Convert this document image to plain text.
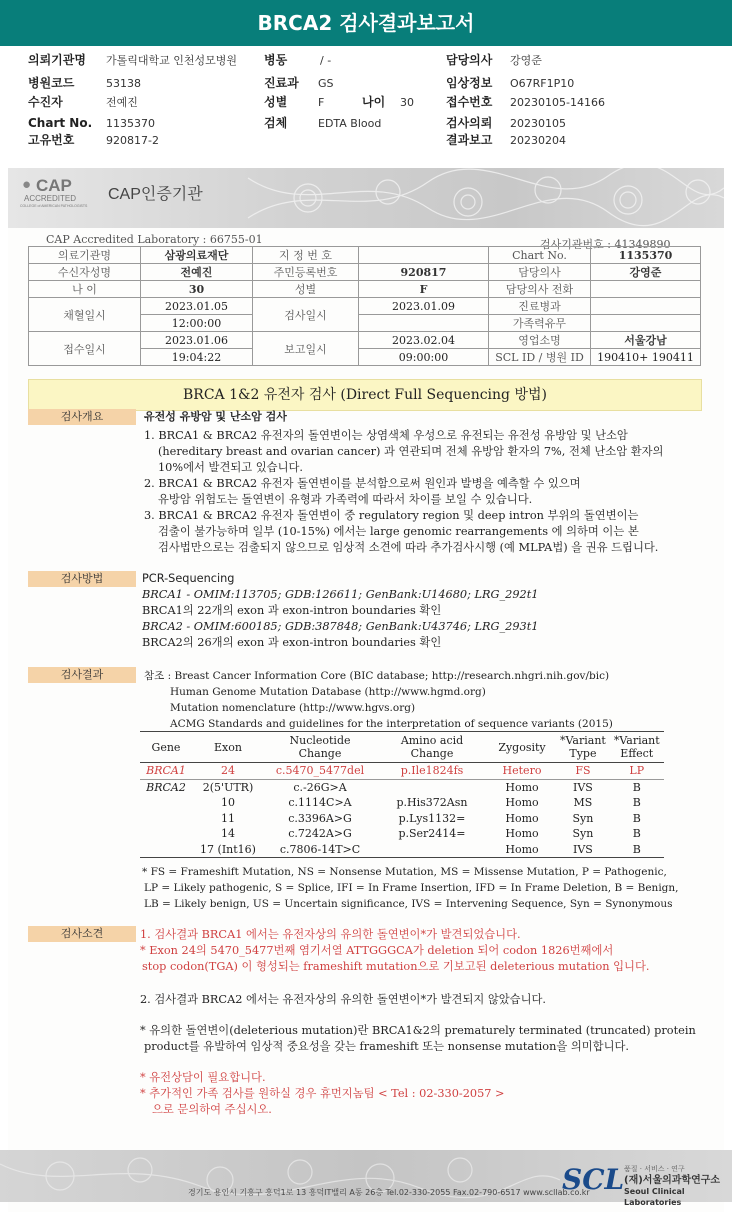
BRCA2 검사결과보고서
의뢰기관명 가톨릭대학교 인천성모병원 병동	/ -	담당의사 강영준
병원코드	53138	진료과 GS	임상정보 O67RF1P10
수진자	전예진	성별	F	나이 30	접수번호 20230105-14166
Chart No. 1135370	검체	EDTA Blood	검사의뢰 20230105
고유번호	920817-2	결과보고 20230204
● CAP
ACCREDITED
COLLEGE of AMERICAN PATHOLOGISTS
CAP인증기관
CAP Accredited Laboratory : 66755-01	검사기관번호 : 41349890
의료기관명	삼광의료재단	지 정 번 호		Chart No.	1135370
수신자성명	전예진	주민등록번호	920817	담당의사	강영준
나 이	30	성별	F	담당의사 전화	
채혈일시	2023.01.05	검사일시	2023.01.09	진료병과	
	12:00:00			가족력유무	
접수일시	2023.01.06	보고일시	2023.02.04	영업소명	서울강남
	19:04:22		09:00:00	SCL ID / 병원 ID	190410+ 190411
BRCA 1&2 유전자 검사 (Direct Full Sequencing 방법)
검사개요	유전성 유방암 및 난소암 검사
1. BRCA1 & BRCA2 유전자의 돌연변이는 상염색체 우성으로 유전되는 유전성 유방암 및 난소암
(hereditary breast and ovarian cancer) 과 연관되며 전체 유방암 환자의 7%, 전체 난소암 환자의
10%에서 발견되고 있습니다.
2. BRCA1 & BRCA2 유전자 돌연변이를 분석함으로써 원인과 발병을 예측할 수 있으며
유방암 위험도는 돌연변이 유형과 가족력에 따라서 차이를 보일 수 있습니다.
3. BRCA1 & BRCA2 유전자 돌연변이 중 regulatory region 및 deep intron 부위의 돌연변이는
검출이 불가능하며 일부 (10-15%) 에서는 large genomic rearrangements 에 의하며 이는 본
검사법만으로는 검출되지 않으므로 임상적 소견에 따라 추가검사시행 (예 MLPA법) 을 권유 드립니다.
검사방법	PCR-Sequencing
BRCA1 - OMIM:113705; GDB:126611; GenBank:U14680; LRG_292t1
BRCA1의 22개의 exon 과 exon-intron boundaries 확인
BRCA2 - OMIM:600185; GDB:387848; GenBank:U43746; LRG_293t1
BRCA2의 26개의 exon 과 exon-intron boundaries 확인
검사결과	참조 : Breast Cancer Information Core (BIC database; http://research.nhgri.nih.gov/bic)
Human Genome Mutation Database (http://www.hgmd.org)
Mutation nomenclature (http://www.hgvs.org)
ACMG Standards and guidelines for the interpretation of sequence variants (2015)
Gene	Exon	Nucleotide Change	Amino acid Change	Zygosity	*Variant Type	*Variant Effect
BRCA1	24	c.5470_5477del	p.Ile1824fs	Hetero	FS	LP
BRCA2	2(5'UTR)	c.-26G>A		Homo	IVS	B
	10	c.1114C>A	p.His372Asn	Homo	MS	B
	11	c.3396A>G	p.Lys1132=	Homo	Syn	B
	14	c.7242A>G	p.Ser2414=	Homo	Syn	B
	17 (Int16)	c.7806-14T>C		Homo	IVS	B
* FS = Frameshift Mutation, NS = Nonsense Mutation, MS = Missense Mutation, P = Pathogenic,
LP = Likely pathogenic, S = Splice, IFI = In Frame Insertion, IFD = In Frame Deletion, B = Benign,
LB = Likely benign, US = Uncertain significance, IVS = Intervening Sequence, Syn = Synonymous
검사소견	1. 검사결과 BRCA1 에서는 유전자상의 유의한 돌연변이*가 발견되었습니다.
* Exon 24의 5470_5477번째 염기서열 ATTGGGCA가 deletion 되어 codon 1826번째에서
stop codon(TGA) 이 형성되는 frameshift mutation으로 기보고된 deleterious mutation 입니다.
2. 검사결과 BRCA2 에서는 유전자상의 유의한 돌연변이*가 발견되지 않았습니다.
* 유의한 돌연변이(deleterious mutation)란 BRCA1&2의 prematurely terminated (truncated) protein
product를 유발하여 임상적 중요성을 갖는 frameshift 또는 nonsense mutation을 의미합니다.
* 유전상담이 필요합니다.
* 추가적인 가족 검사를 원하실 경우 휴먼지놈팀 < Tel : 02-330-2057 >
으로 문의하여 주십시오.
경기도 용인시 기흥구 흥덕1로 13 흥덕IT밸리 A동 26층 Tel.02-330-2055 Fax.02-790-6517 www.scllab.co.kr
SCL 품질 · 서비스 · 연구
(재)서울의과학연구소
Seoul Clinical Laboratories
